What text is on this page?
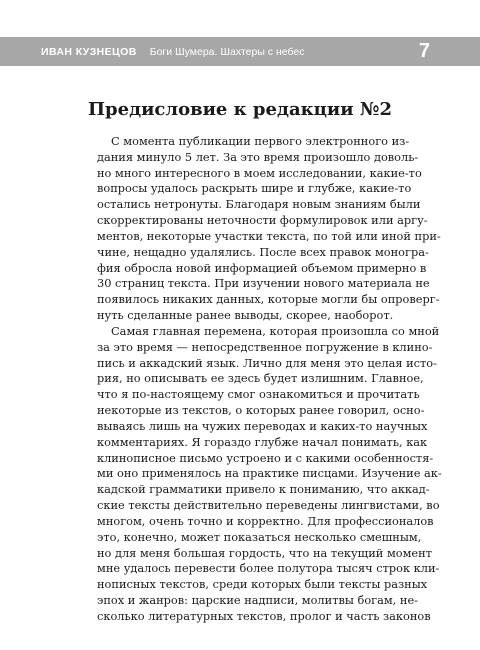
ИВАН КУЗНЕЦОВ Боги Шумера. Шахтеры с небес	7
Предисловие к редакции №2
С момента публикации первого электронного из-
дания минуло 5 лет. За это время произошло доволь-
но много интересного в моем исследовании, какие-то
вопросы удалось раскрыть шире и глубже, какие-то
остались нетронуты. Благодаря новым знаниям были
скорректированы неточности формулировок или аргу-
ментов, некоторые участки текста, по той или иной при-
чине, нещадно удалялись. После всех правок моногра-
фия обросла новой информацией объемом примерно в
30 страниц текста. При изучении нового материала не
появилось никаких данных, которые могли бы опроверг-
нуть сделанные ранее выводы, скорее, наоборот.
Самая главная перемена, которая произошла со мной
за это время — непосредственное погружение в клино-
пись и аккадский язык. Лично для меня это целая исто-
рия, но описывать ее здесь будет излишним. Главное,
что я по-настоящему смог ознакомиться и прочитать
некоторые из текстов, о которых ранее говорил, осно-
вываясь лишь на чужих переводах и каких-то научных
комментариях. Я гораздо глубже начал понимать, как
клинописное письмо устроено и с какими особенностя-
ми оно применялось на практике писцами. Изучение ак-
кадской грамматики привело к пониманию, что аккад-
ские тексты действительно переведены лингвистами, во
многом, очень точно и корректно. Для профессионалов
это, конечно, может показаться несколько смешным,
но для меня большая гордость, что на текущий момент
мне удалось перевести более полутора тысяч строк кли-
нописных текстов, среди которых были тексты разных
эпох и жанров: царские надписи, молитвы богам, не-
сколько литературных текстов, пролог и часть законов
